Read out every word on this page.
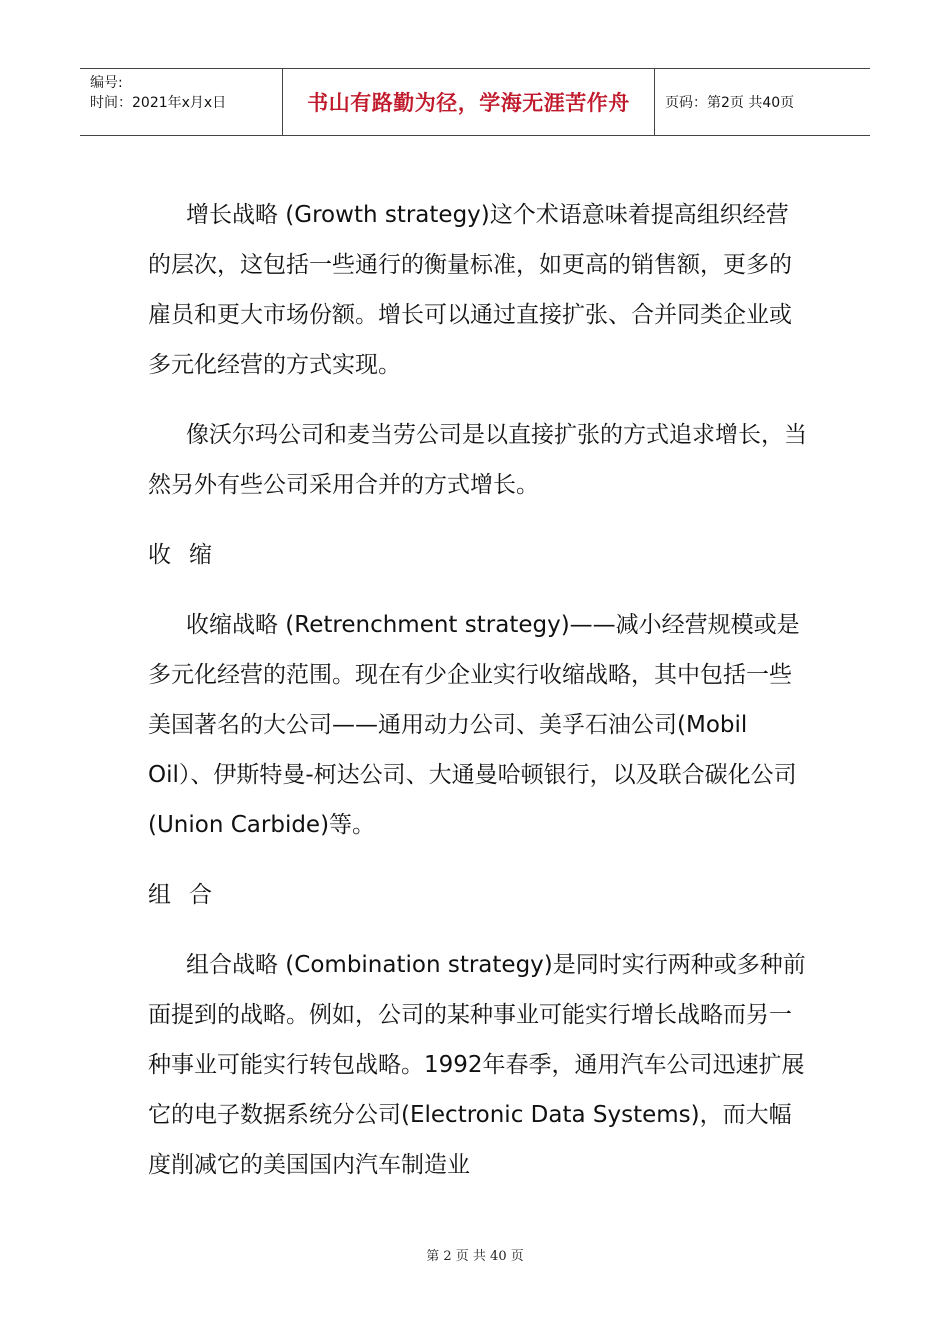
编号:
时间：2021年x月x日	书山有路勤为径，学海无涯苦作舟	页码：第2页 共40页

增长战略 (Growth strategy)这个术语意味着提高组织经营的层次，这包括一些通行的衡量标准，如更高的销售额，更多的雇员和更大市场份额。增长可以通过直接扩张、合并同类企业或多元化经营的方式实现。

像沃尔玛公司和麦当劳公司是以直接扩张的方式追求增长，当然另外有些公司采用合并的方式增长。

收缩

收缩战略 (Retrenchment strategy)——减小经营规模或是多元化经营的范围。现在有少企业实行收缩战略，其中包括一些美国著名的大公司——通用动力公司、美孚石油公司(Mobil Oil）、伊斯特曼-柯达公司、大通曼哈顿银行，以及联合碳化公司(Union Carbide)等。

组合

组合战略 (Combination strategy)是同时实行两种或多种前面提到的战略。例如，公司的某种事业可能实行增长战略而另一种事业可能实行转包战略。1992年春季，通用汽车公司迅速扩展它的电子数据系统分公司(Electronic Data Systems)，而大幅度削减它的美国国内汽车制造业

第 2 页 共 40 页
